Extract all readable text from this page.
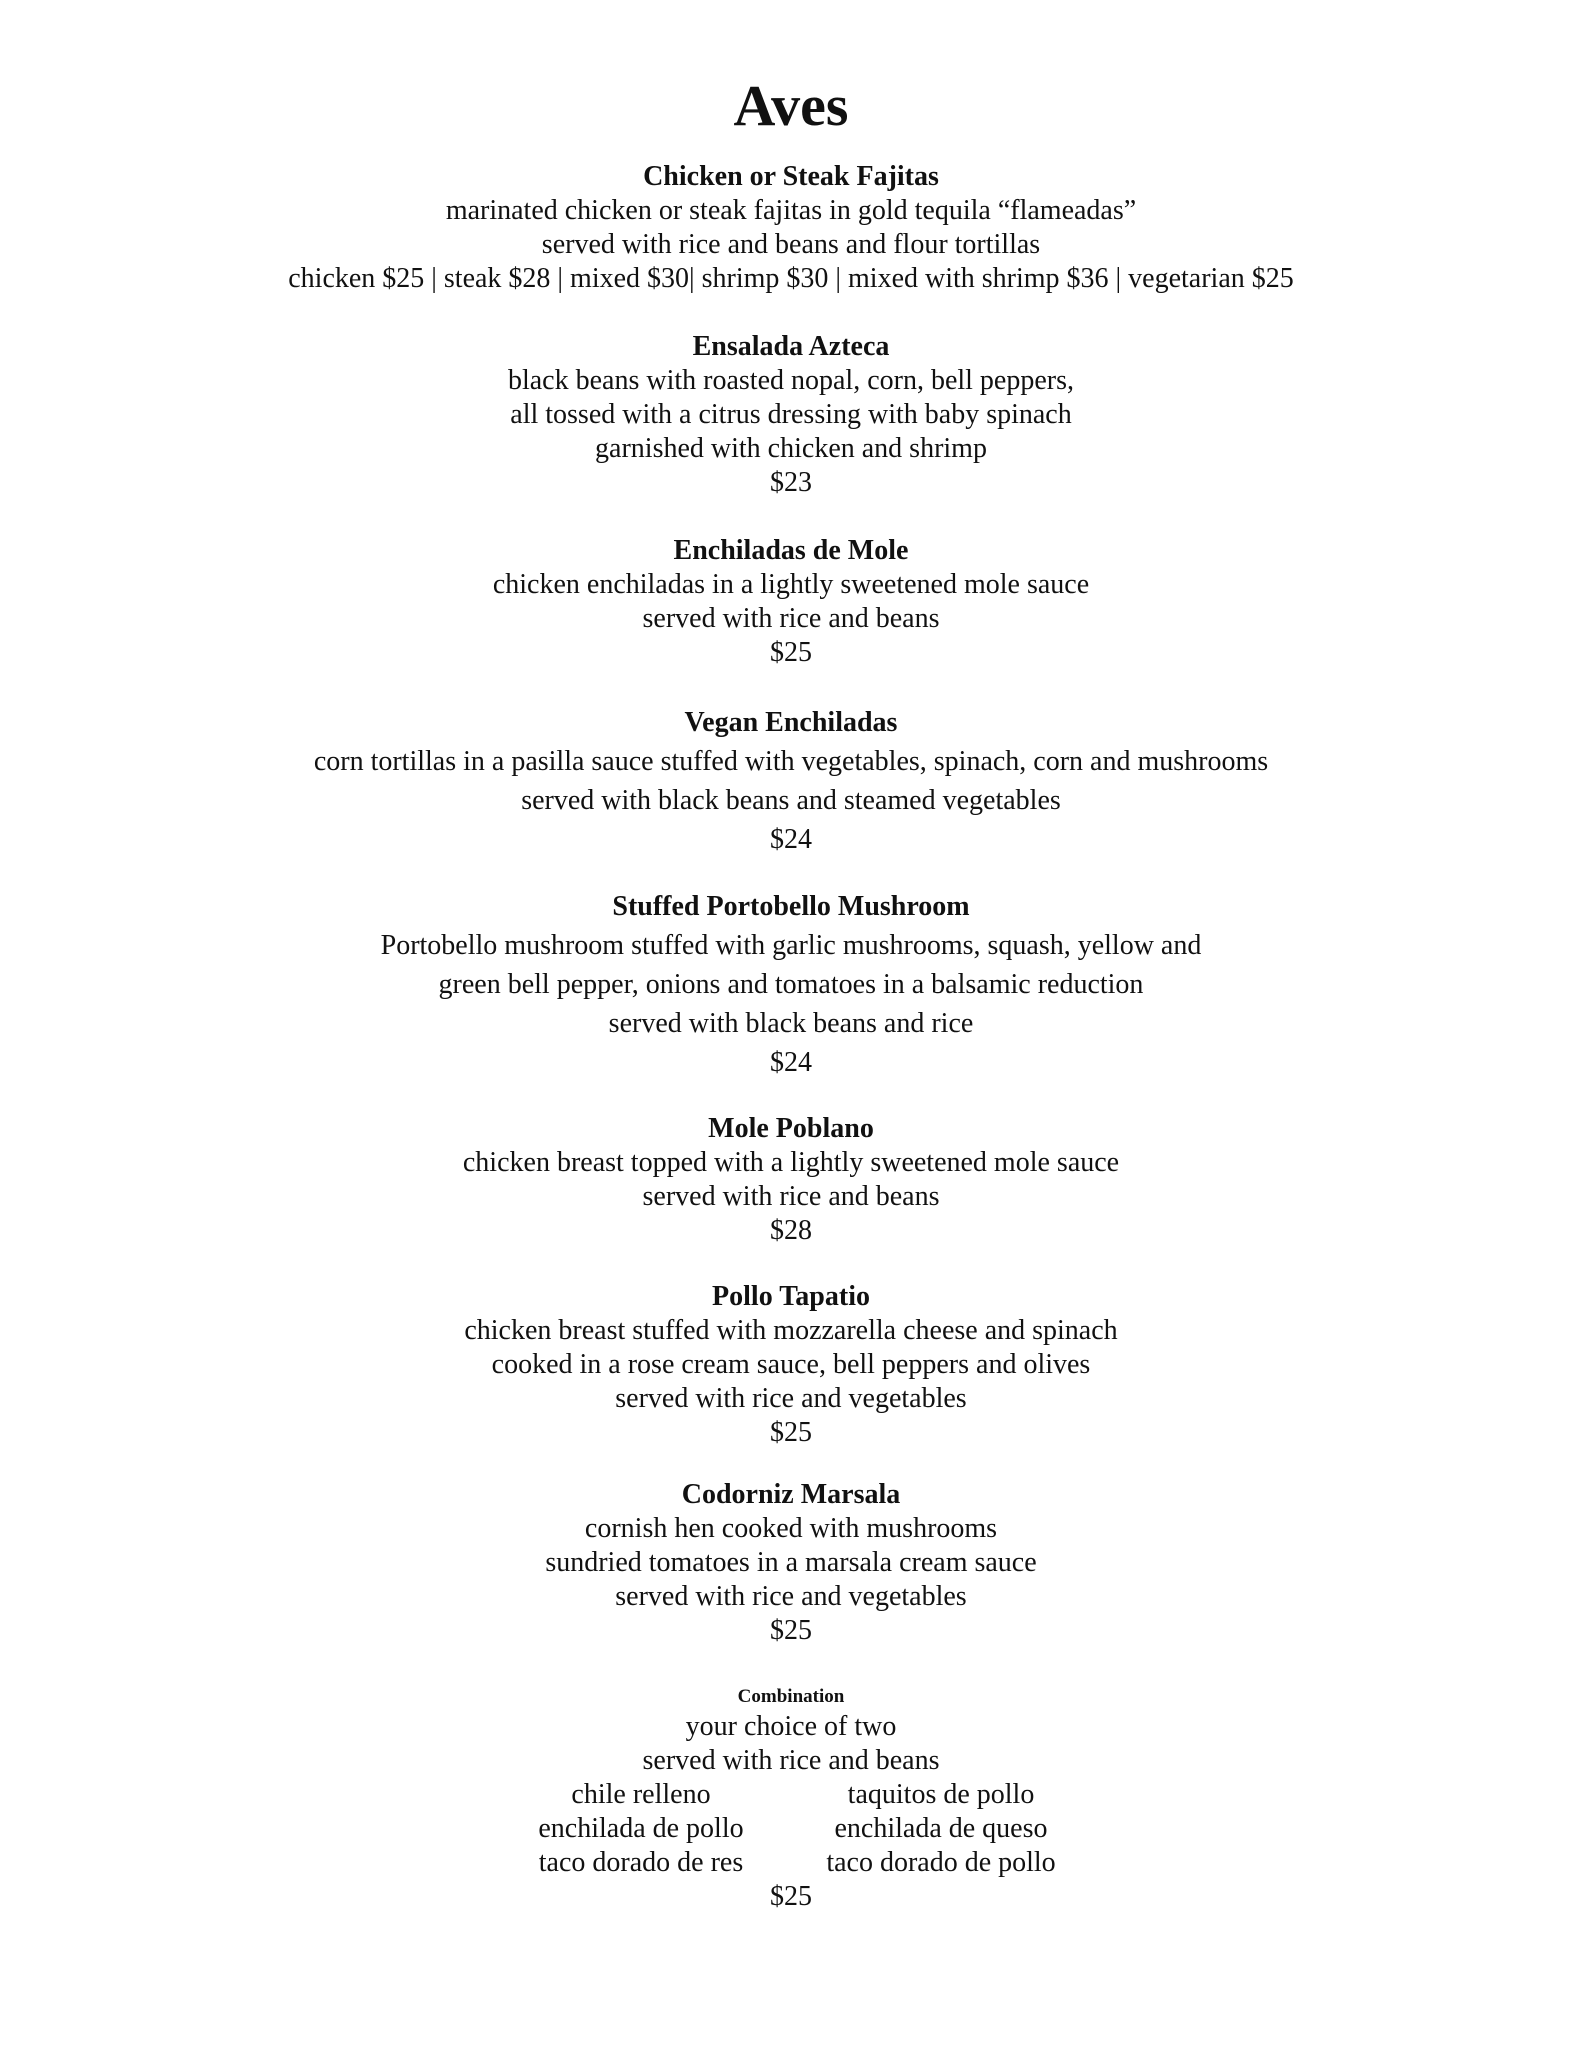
Aves
Chicken or Steak Fajitas
marinated chicken or steak fajitas in gold tequila “flameadas”
served with rice and beans and flour tortillas
chicken $25 | steak $28 | mixed $30| shrimp $30 | mixed with shrimp $36 | vegetarian $25
Ensalada Azteca
black beans with roasted nopal, corn, bell peppers,
all tossed with a citrus dressing with baby spinach
garnished with chicken and shrimp
$23
Enchiladas de Mole
chicken enchiladas in a lightly sweetened mole sauce
served with rice and beans
$25
Vegan Enchiladas
corn tortillas in a pasilla sauce stuffed with vegetables, spinach, corn and mushrooms
served with black beans and steamed vegetables
$24
Stuffed Portobello Mushroom
Portobello mushroom stuffed with garlic mushrooms, squash, yellow and
green bell pepper, onions and tomatoes in a balsamic reduction
served with black beans and rice
$24
Mole Poblano
chicken breast topped with a lightly sweetened mole sauce
served with rice and beans
$28
Pollo Tapatio
chicken breast stuffed with mozzarella cheese and spinach
cooked in a rose cream sauce, bell peppers and olives
served with rice and vegetables
$25
Codorniz Marsala
cornish hen cooked with mushrooms
sundried tomatoes in a marsala cream sauce
served with rice and vegetables
$25
Combination
your choice of two
served with rice and beans
chile relleno	taquitos de pollo
enchilada de pollo	enchilada de queso
taco dorado de res	taco dorado de pollo
$25
